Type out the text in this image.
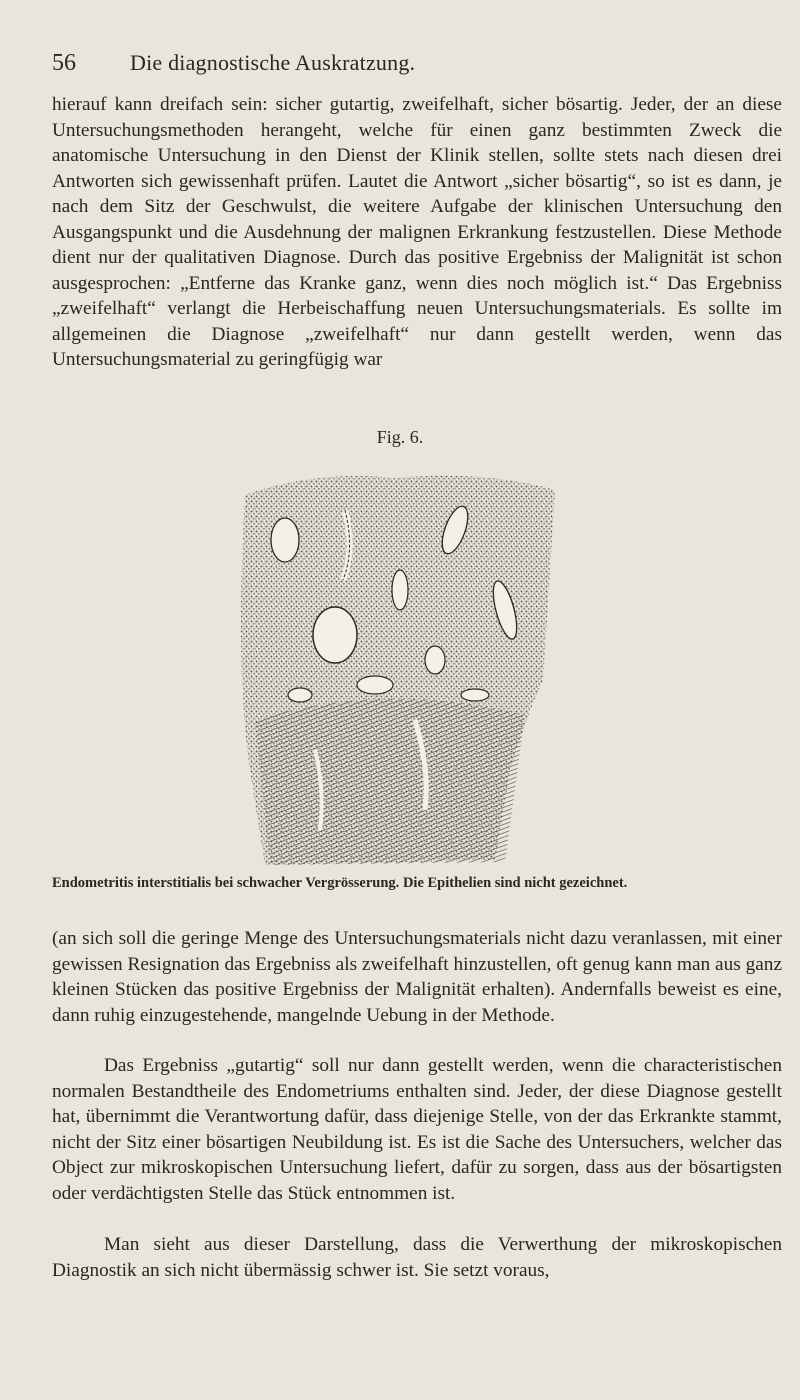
56 Die diagnostische Auskratzung.

hierauf kann dreifach sein: sicher gutartig, zweifelhaft, sicher bösartig. Jeder, der an diese Untersuchungsmethoden herangeht, welche für einen ganz bestimmten Zweck die anatomische Untersuchung in den Dienst der Klinik stellen, sollte stets nach diesen drei Antworten sich gewissenhaft prüfen. Lautet die Antwort „sicher bösartig“, so ist es dann, je nach dem Sitz der Geschwulst, die weitere Aufgabe der klinischen Untersuchung den Ausgangspunkt und die Ausdehnung der malignen Erkrankung festzustellen. Diese Methode dient nur der qualitativen Diagnose. Durch das positive Ergebniss der Malignität ist schon ausgesprochen: „Entferne das Kranke ganz, wenn dies noch möglich ist.“ Das Ergebniss „zweifelhaft“ verlangt die Herbeischaffung neuen Untersuchungsmaterials. Es sollte im allgemeinen die Diagnose „zweifelhaft“ nur dann gestellt werden, wenn das Untersuchungsmaterial zu geringfügig war

Fig. 6.
Endometritis interstitialis bei schwacher Vergrösserung. Die Epithelien sind nicht gezeichnet.

(an sich soll die geringe Menge des Untersuchungsmaterials nicht dazu veranlassen, mit einer gewissen Resignation das Ergebniss als zweifelhaft hinzustellen, oft genug kann man aus ganz kleinen Stücken das positive Ergebniss der Malignität erhalten). Andernfalls beweist es eine, dann ruhig einzugestehende, mangelnde Uebung in der Methode.

Das Ergebniss „gutartig“ soll nur dann gestellt werden, wenn die characteristischen normalen Bestandtheile des Endometriums enthalten sind. Jeder, der diese Diagnose gestellt hat, übernimmt die Verantwortung dafür, dass diejenige Stelle, von der das Erkrankte stammt, nicht der Sitz einer bösartigen Neubildung ist. Es ist die Sache des Untersuchers, welcher das Object zur mikroskopischen Untersuchung liefert, dafür zu sorgen, dass aus der bösartigsten oder verdächtigsten Stelle das Stück entnommen ist.

Man sieht aus dieser Darstellung, dass die Verwerthung der mikroskopischen Diagnostik an sich nicht übermässig schwer ist. Sie setzt voraus,
